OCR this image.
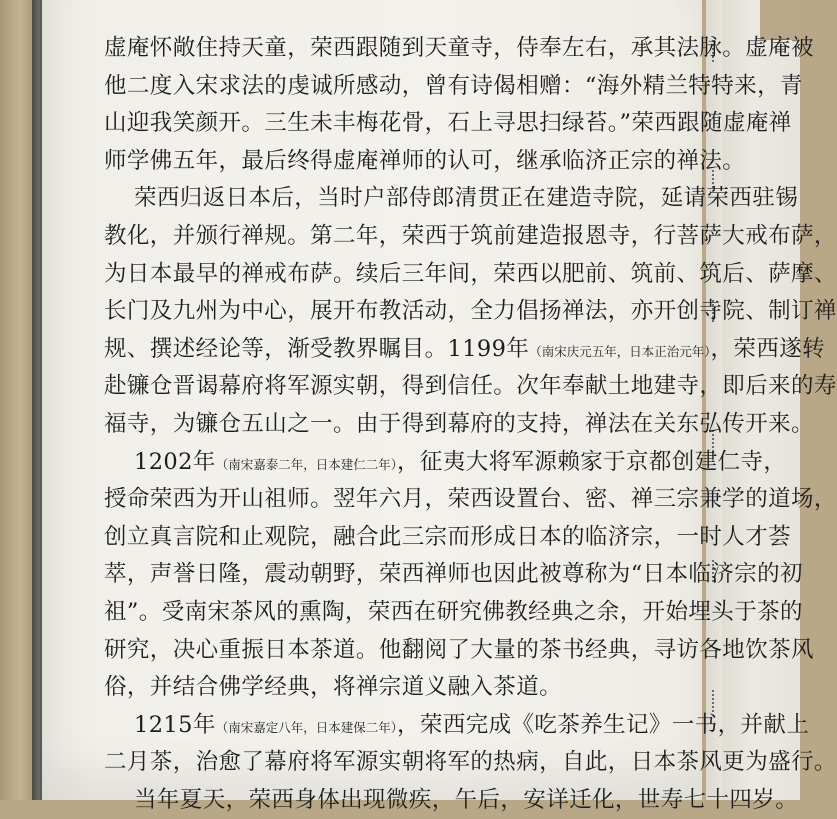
虚庵怀敞住持天童，荣西跟随到天童寺，侍奉左右，承其法脉。虚庵被
他二度入宋求法的虔诚所感动，曾有诗偈相赠：“海外精兰特特来，青
山迎我笑颜开。三生未丰梅花骨，石上寻思扫绿苔。”荣西跟随虚庵禅
师学佛五年，最后终得虚庵禅师的认可，继承临济正宗的禅法。
荣西归返日本后，当时户部侍郎清贯正在建造寺院，延请荣西驻锡
教化，并颁行禅规。第二年，荣西于筑前建造报恩寺，行菩萨大戒布萨，
为日本最早的禅戒布萨。续后三年间，荣西以肥前、筑前、筑后、萨摩、
长门及九州为中心，展开布教活动，全力倡扬禅法，亦开创寺院、制订禅
规、撰述经论等，渐受教界瞩目。1199年（南宋庆元五年，日本正治元年），荣西遂转
赴镰仓晋谒幕府将军源实朝，得到信任。次年奉献土地建寺，即后来的寿
福寺，为镰仓五山之一。由于得到幕府的支持，禅法在关东弘传开来。
1202年（南宋嘉泰二年，日本建仁二年），征夷大将军源赖家于京都创建仁寺，
授命荣西为开山祖师。翌年六月，荣西设置台、密、禅三宗兼学的道场，
创立真言院和止观院，融合此三宗而形成日本的临济宗，一时人才荟
萃，声誉日隆，震动朝野，荣西禅师也因此被尊称为“日本临济宗的初
祖”。受南宋茶风的熏陶，荣西在研究佛教经典之余，开始埋头于茶的
研究，决心重振日本茶道。他翻阅了大量的茶书经典，寻访各地饮茶风
俗，并结合佛学经典，将禅宗道义融入茶道。
1215年（南宋嘉定八年，日本建保二年），荣西完成《吃茶养生记》一书，并献上
二月茶，治愈了幕府将军源实朝将军的热病，自此，日本茶风更为盛行。
当年夏天，荣西身体出现微疾，午后，安详迁化，世寿七十四岁。
